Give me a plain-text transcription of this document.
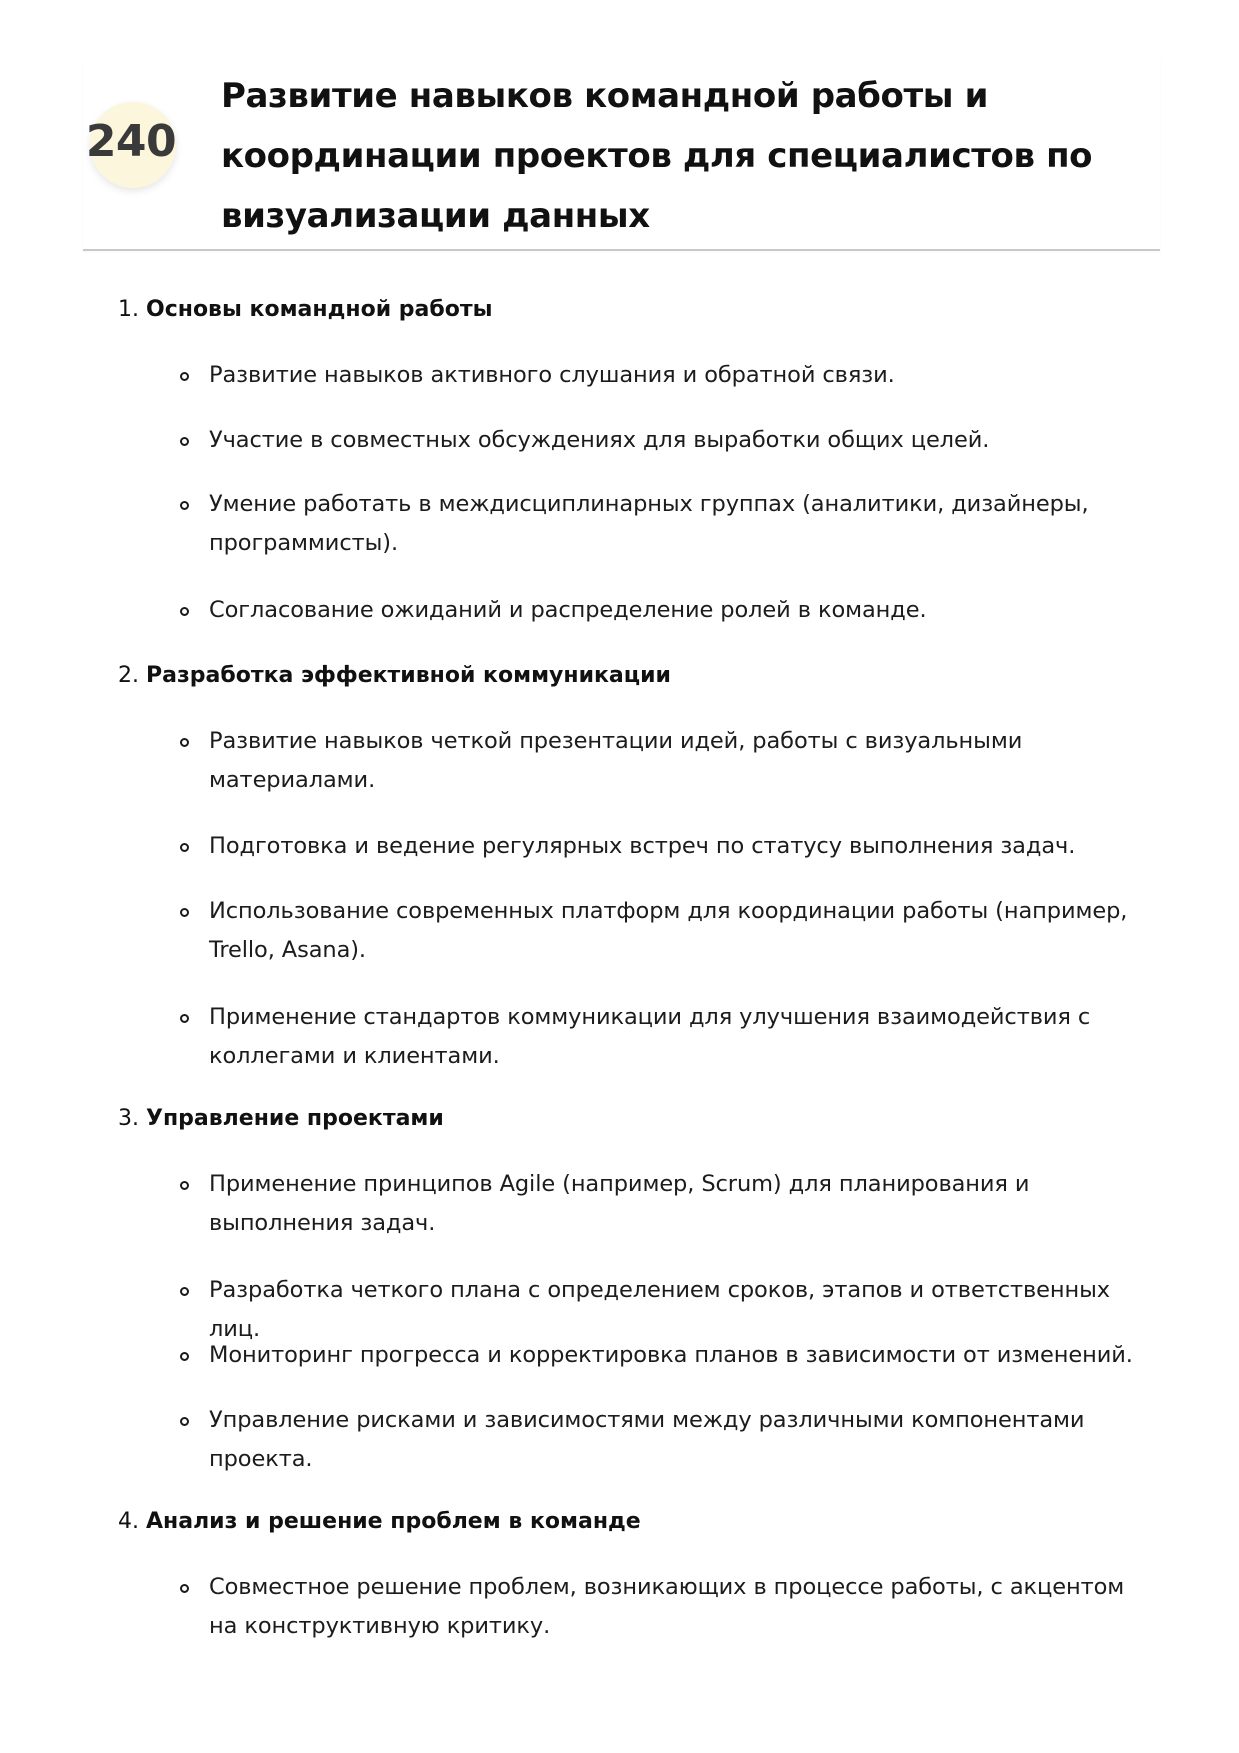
240
Развитие навыков командной работы и координации проектов для специалистов по визуализации данных
1. Основы командной работы
Развитие навыков активного слушания и обратной связи.
Участие в совместных обсуждениях для выработки общих целей.
Умение работать в междисциплинарных группах (аналитики, дизайнеры, программисты).
Согласование ожиданий и распределение ролей в команде.
2. Разработка эффективной коммуникации
Развитие навыков четкой презентации идей, работы с визуальными материалами.
Подготовка и ведение регулярных встреч по статусу выполнения задач.
Использование современных платформ для координации работы (например, Trello, Asana).
Применение стандартов коммуникации для улучшения взаимодействия с коллегами и клиентами.
3. Управление проектами
Применение принципов Agile (например, Scrum) для планирования и выполнения задач.
Разработка четкого плана с определением сроков, этапов и ответственных лиц.
Мониторинг прогресса и корректировка планов в зависимости от изменений.
Управление рисками и зависимостями между различными компонентами проекта.
4. Анализ и решение проблем в команде
Совместное решение проблем, возникающих в процессе работы, с акцентом на конструктивную критику.
